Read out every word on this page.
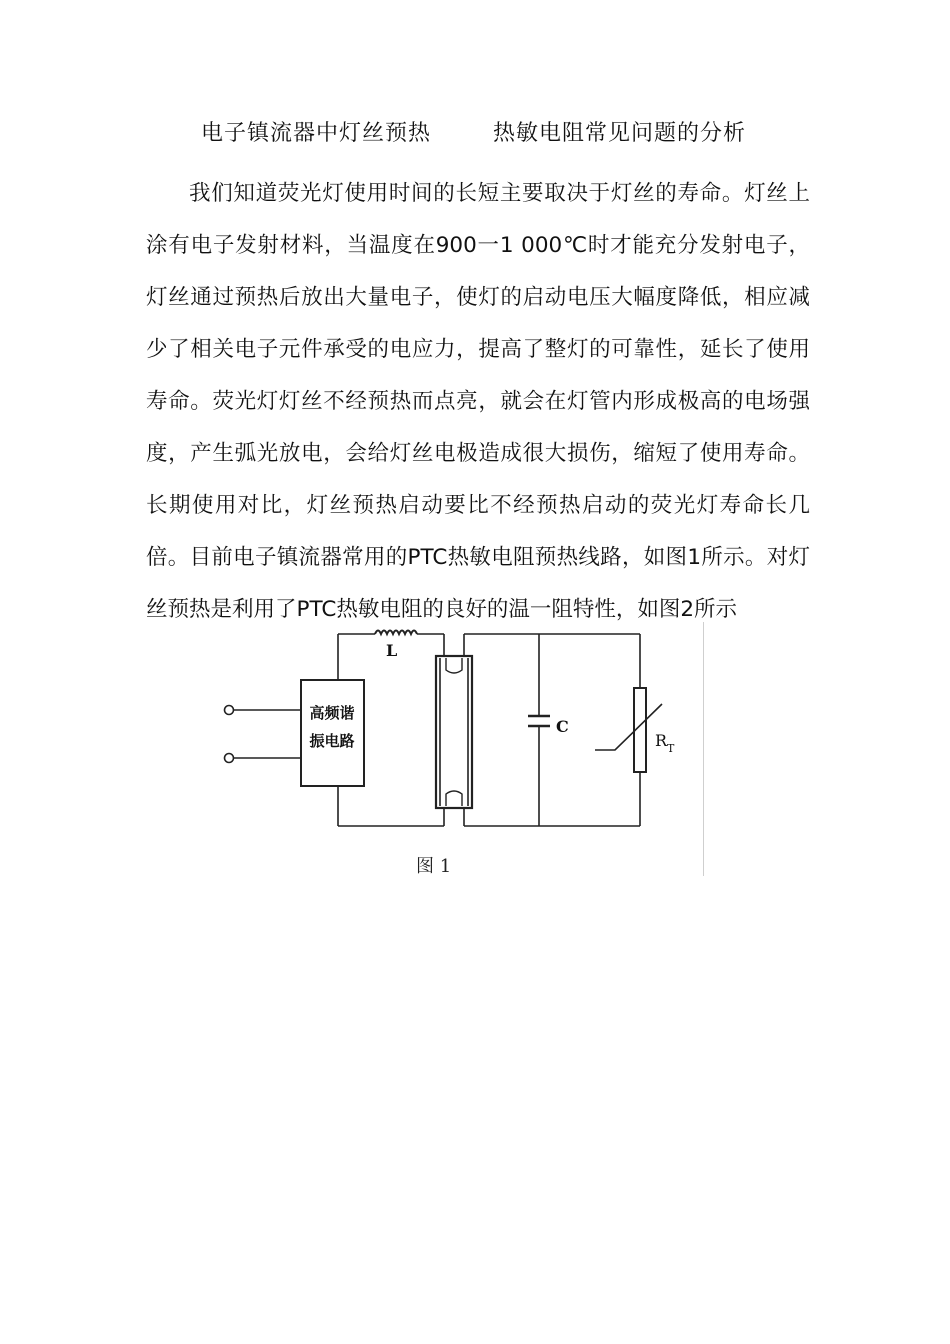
电子镇流器中灯丝预热	热敏电阻常见问题的分析

我们知道荧光灯使用时间的长短主要取决于灯丝的寿命。灯丝上涂有电子发射材料，当温度在900一1 000℃时才能充分发射电子，灯丝通过预热后放出大量电子，使灯的启动电压大幅度降低，相应减少了相关电子元件承受的电应力，提高了整灯的可靠性，延长了使用寿命。荧光灯灯丝不经预热而点亮，就会在灯管内形成极高的电场强度，产生弧光放电，会给灯丝电极造成很大损伤，缩短了使用寿命。长期使用对比，灯丝预热启动要比不经预热启动的荧光灯寿命长几倍。目前电子镇流器常用的PTC热敏电阻预热线路，如图1所示。对灯丝预热是利用了PTC热敏电阻的良好的温一阻特性，如图2所示

高频谐
振电路
L
C
R T
图 1
